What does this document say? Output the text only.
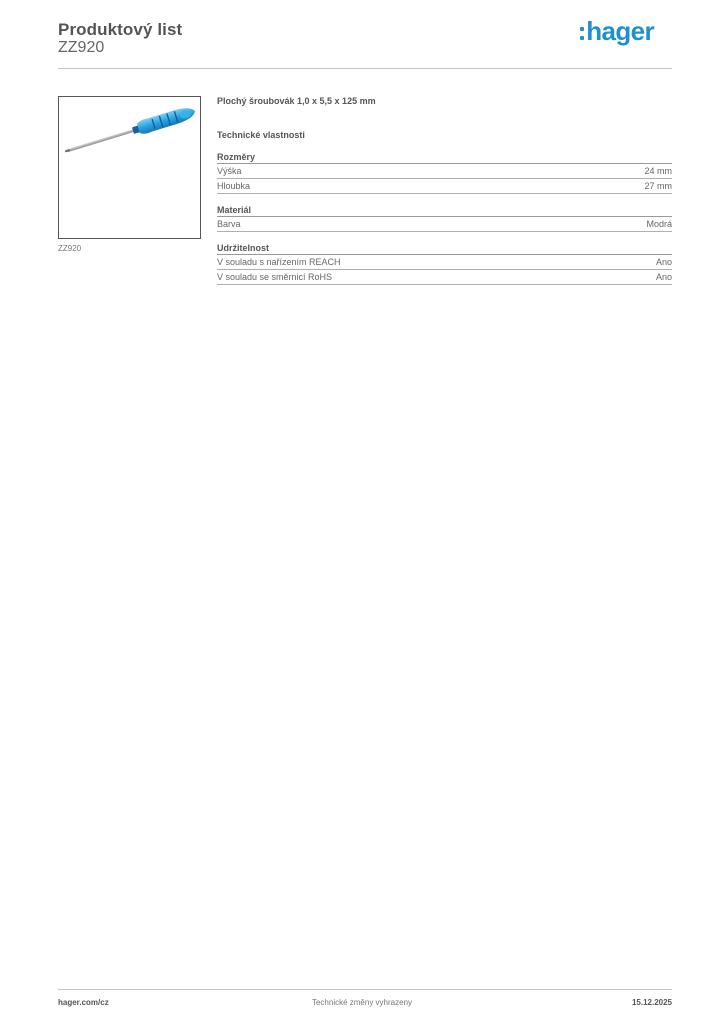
Produktový list
ZZ920
hager
ZZ920
Plochý šroubovák 1,0 x 5,5 x 125 mm
Technické vlastnosti
Rozměry
Výška	24 mm
Hloubka	27 mm
Materiál
Barva	Modrá
Udržitelnost
V souladu s nařízením REACH	Ano
V souladu se směrnicí RoHS	Ano
hager.com/cz	Technické změny vyhrazeny	15.12.2025
